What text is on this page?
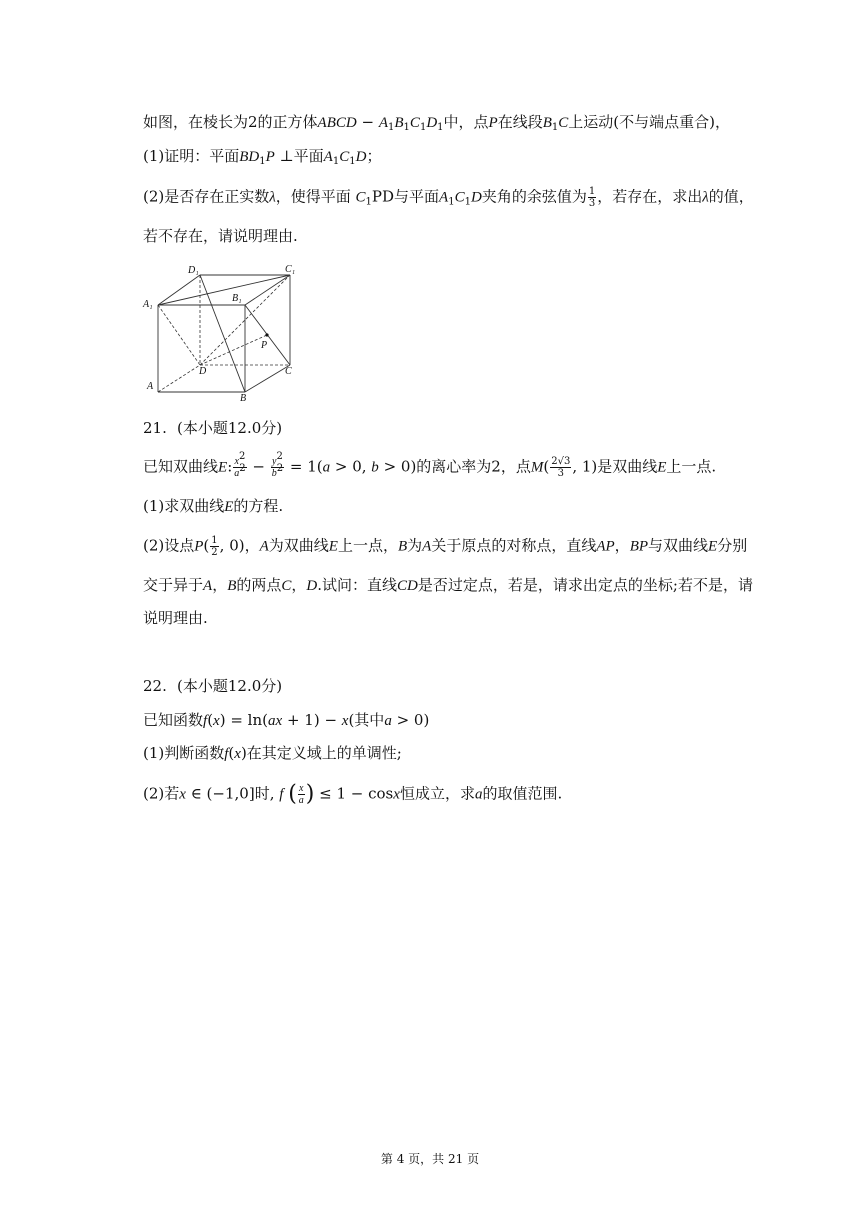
如图，在棱长为2的正方体ABCD − $A_1B_1C_1D_1$中，点P在线段$B_1C$上运动(不与端点重合)，
(1)证明：平面$BD_1P$ ⊥平面$A_1C_1D$；
(2)是否存在正实数λ，使得平面 $C_1PD$与平面$A_1C_1D$夹角的余弦值为 $\frac{1}{3}$ ，若存在，求出λ的值，
若不存在，请说明理由.
D₁	C₁
A₁
B₁
P
D	C
A
B
21. (本小题12.0分)
已知双曲线E: $\frac{x^2}{a^2} - \frac{y^2}{b^2} = 1(a > 0$, b > 0)的离心率为2，点$M( \frac{2√3}{3}$ , 1)是双曲线E上一点.
(1)求双曲线E的方程.
(2)设点$P( \frac{1}{2}$ , 0)，A为双曲线E上一点，B为A关于原点的对称点，直线AP，BP与双曲线E分别
交于异于A，B的两点C，D.试问：直线CD是否过定点，若是，请求出定点的坐标;若不是，请
说明理由.
22. (本小题12.0分)
已知函数f(x) = ln(ax + 1) − x(其中a > 0)
(1)判断函数f(x)在其定义域上的单调性;
(2)若x ∈ (−1,0]时, f ( $\frac{x}{a}$ ) ≤ 1 − cosx恒成立，求a的取值范围.
第 4 页，共 21 页
